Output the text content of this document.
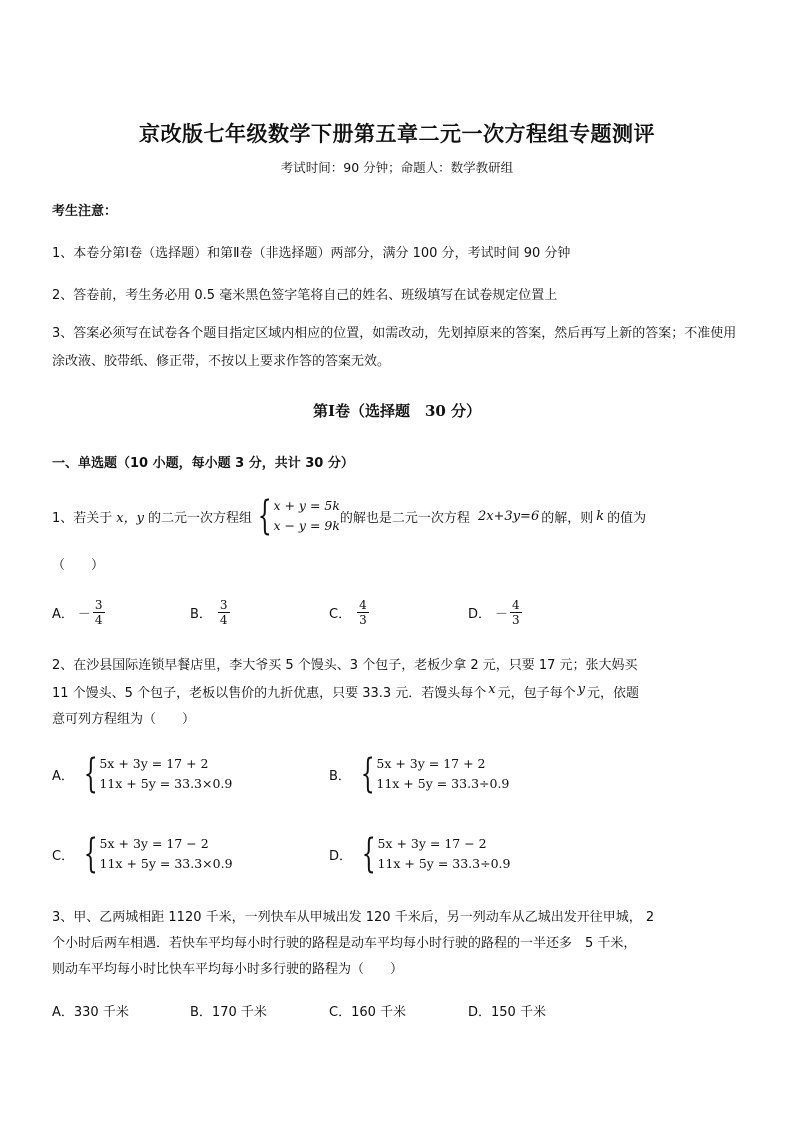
京改版七年级数学下册第五章二元一次方程组专题测评
考试时间：90 分钟；命题人：数学教研组
考生注意：
1、本卷分第Ⅰ卷（选择题）和第Ⅱ卷（非选择题）两部分，满分 100 分，考试时间 90 分钟
2、答卷前，考生务必用 0.5 毫米黑色签字笔将自己的姓名、班级填写在试卷规定位置上
3、答案必须写在试卷各个题目指定区域内相应的位置，如需改动，先划掉原来的答案，然后再写上新的答案；不准使用涂改液、胶带纸、修正带，不按以上要求作答的答案无效。
第Ⅰ卷（选择题　30 分）
一、单选题（10 小题，每小题 3 分，共计 30 分）
1、若关于 x，y 的二元一次方程组 { x + y = 5k
x − y = 9k 的解也是二元一次方程 2x+3y=6 的解，则 k 的值为
（　　）
A． － $\frac{3}{4}$	B． $\frac{3}{4}$	C． $\frac{4}{3}$	D． － $\frac{4}{3}$
2、在沙县国际连锁早餐店里，李大爷买 5 个馒头、3 个包子，老板少拿 2 元，只要 17 元；张大妈买
11 个馒头、5 个包子，老板以售价的九折优惠，只要 33.3 元．若馒头每个 x 元，包子每个 y 元，依题
意可列方程组为（　　）
A． { 5x + 3y = 17 + 2
11x + 5y = 33.3×0.9	B． { 5x + 3y = 17 + 2
11x + 5y = 33.3÷0.9
C． { 5x + 3y = 17 − 2
11x + 5y = 33.3×0.9	D． { 5x + 3y = 17 − 2
11x + 5y = 33.3÷0.9
3、甲、乙两城相距 1120 千米，一列快车从甲城出发 120 千米后，另一列动车从乙城出发开往甲城， 2
个小时后两车相遇．若快车平均每小时行驶的路程是动车平均每小时行驶的路程的一半还多　5 千米，
则动车平均每小时比快车平均每小时多行驶的路程为（　　）
A．330 千米	B．170 千米	C．160 千米	D．150 千米
